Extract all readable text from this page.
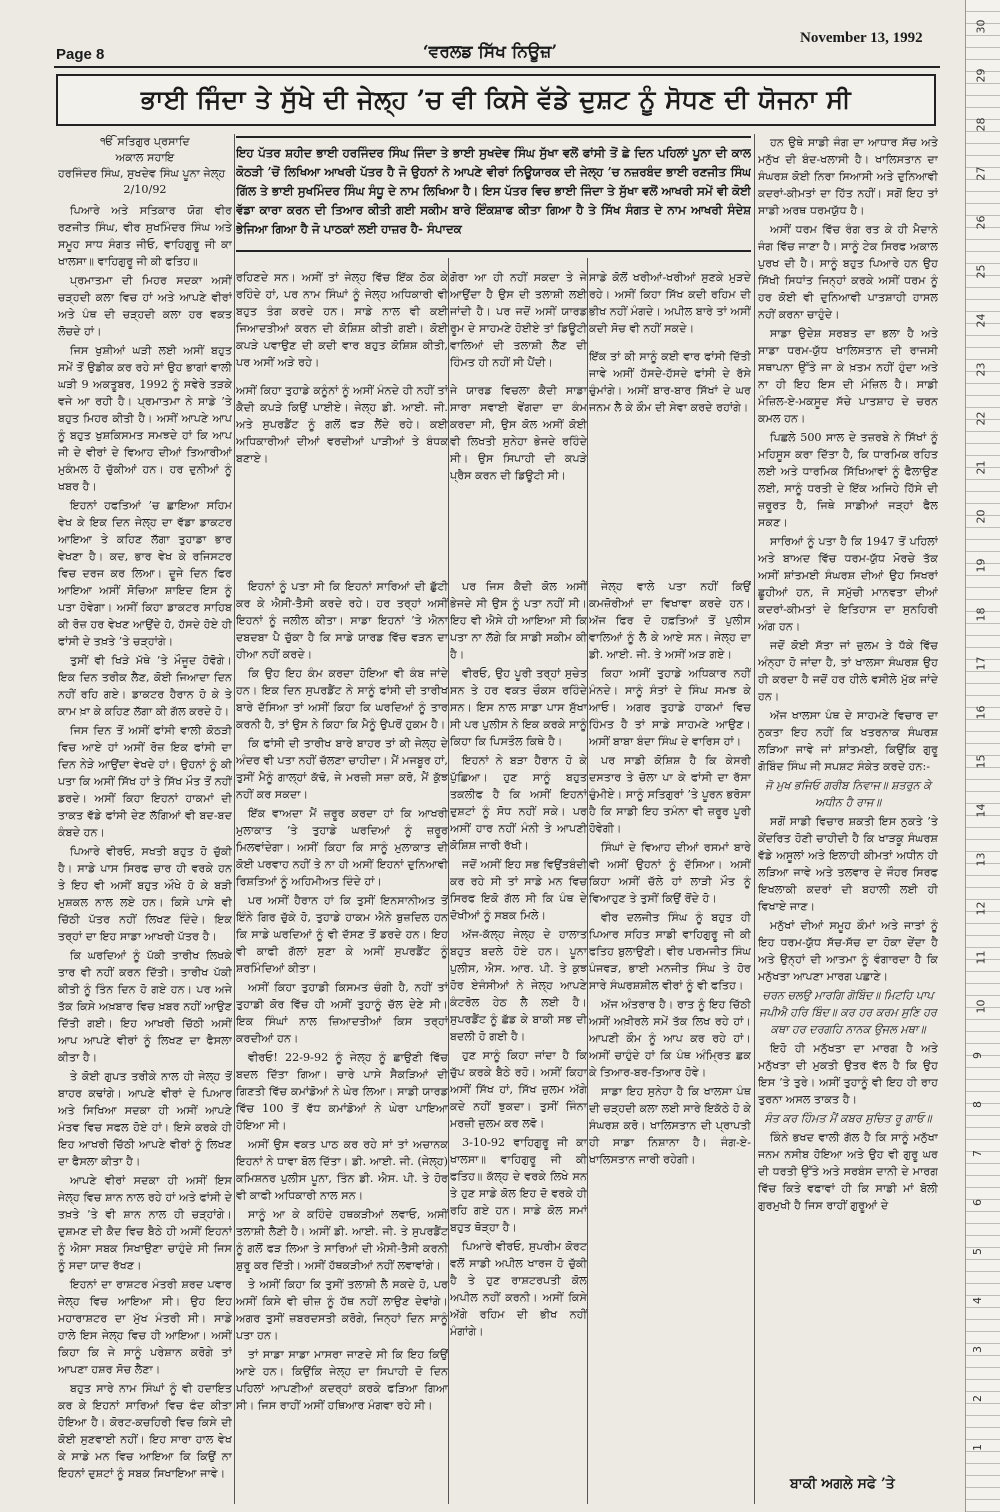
Page 8	‘ਵਰਲਡ ਸਿੱਖ ਨਿਊਜ਼’
November 13, 1992
ਭਾਈ ਜਿੰਦਾ ਤੇ ਸੁੱਖੇ ਦੀ ਜੇਲ੍ਹ ’ਚ ਵੀ ਕਿਸੇ ਵੱਡੇ ਦੁਸ਼ਟ ਨੂੰ ਸੋਧਣ ਦੀ ਯੋਜਨਾ ਸੀ
ੴ ਸਤਿਗੁਰ ਪ੍ਰਸਾਦਿ
ਅਕਾਲ ਸਹਾਇ
ਹਰਜਿੰਦਰ ਸਿੰਘ, ਸੁਖਦੇਵ ਸਿੰਘ ਪੂਨਾ ਜੇਲ੍ਹ
2/10/92

ਪਿਆਰੇ ਅਤੇ ਸਤਿਕਾਰ ਯੋਗ ਵੀਰ ਰਣਜੀਤ ਸਿੰਘ, ਵੀਰ ਸੁਖਮਿੰਦਰ ਸਿੰਘ ਅਤੇ ਸਮੂਹ ਸਾਧ ਸੰਗਤ ਜੀਓ, ਵਾਹਿਗੁਰੂ ਜੀ ਕਾ ਖਾਲਸਾ॥ ਵਾਹਿਗੁਰੂ ਜੀ ਕੀ ਫਤਿਹ॥

ਪ੍ਰਮਾਤਮਾ ਦੀ ਮਿਹਰ ਸਦਕਾ ਅਸੀਂ ਚੜ੍ਹਦੀ ਕਲਾ ਵਿਚ ਹਾਂ ਅਤੇ ਆਪਣੇ ਵੀਰਾਂ ਅਤੇ ਪੰਥ ਦੀ ਚੜ੍ਹਦੀ ਕਲਾ ਹਰ ਵਕਤ ਲੋਚਦੇ ਹਾਂ।

ਜਿਸ ਖੁਸ਼ੀਆਂ ਘੜੀ ਲਈ ਅਸੀਂ ਬਹੁਤ ਸਮੇਂ ਤੋਂ ਉਡੀਕ ਕਰ ਰਹੇ ਸਾਂ ਉਹ ਭਾਗਾਂ ਵਾਲੀ ਘੜੀ 9 ਅਕਤੂਬਰ, 1992 ਨੂੰ ਸਵੇਰੇ ਤੜਕੇ ਵਜੇ ਆ ਰਹੀ ਹੈ। ਪ੍ਰਮਾਤਮਾ ਨੇ ਸਾਡੇ ’ਤੇ ਬਹੁਤ ਮਿਹਰ ਕੀਤੀ ਹੈ। ਅਸੀਂ ਆਪਣੇ ਆਪ ਨੂੰ ਬਹੁਤ ਖੁਸ਼ਕਿਸਮਤ ਸਮਝਦੇ ਹਾਂ ਕਿ ਆਪ ਜੀ ਦੇ ਵੀਰਾਂ ਦੇ ਵਿਆਹ ਦੀਆਂ ਤਿਆਰੀਆਂ ਮੁਕੰਮਲ ਹੋ ਚੁੱਕੀਆਂ ਹਨ। ਹਰ ਦੁਨੀਆਂ ਨੂੰ ਖਬਰ ਹੈ।

ਇਹਨਾਂ ਹਫਤਿਆਂ ’ਚ ਛਾਇਆ ਸਹਿਮ ਵੇਖ ਕੇ ਇਕ ਦਿਨ ਜੇਲ੍ਹ ਦਾ ਵੱਡਾ ਡਾਕਟਰ ਆਇਆ ਤੇ ਕਹਿਣ ਲੱਗਾ ਤੁਹਾਡਾ ਭਾਰ ਵੇਖਣਾ ਹੈ। ਕਦ, ਭਾਰ ਵੇਖ ਕੇ ਰਜਿਸਟਰ ਵਿਚ ਦਰਜ ਕਰ ਲਿਆ। ਦੂਜੇ ਦਿਨ ਫਿਰ ਆਇਆ ਅਸੀਂ ਸੋਚਿਆ ਸ਼ਾਇਦ ਇਸ ਨੂੰ ਪਤਾ ਹੋਵੇਗਾ। ਅਸੀਂ ਕਿਹਾ ਡਾਕਟਰ ਸਾਹਿਬ ਕੀ ਰੋਜ਼ ਹਰ ਵੇਖਣ ਆਉਂਦੇ ਹੋ, ਹੱਸਦੇ ਹੋਏ ਹੀ ਫਾਂਸੀ ਦੇ ਤਖ਼ਤੇ ’ਤੇ ਚੜ੍ਹਾਂਗੇ।

ਤੁਸੀਂ ਵੀ ਖਿੜੇ ਮੱਥੇ ’ਤੇ ਮੌਜੂਦ ਹੋਵੋਗੇ। ਇਕ ਦਿਨ ਤਰੀਕ ਲੈਣ, ਕੋਈ ਜਿਆਦਾ ਦਿਨ ਨਹੀਂ ਰਹਿ ਗਏ। ਡਾਕਟਰ ਹੈਰਾਨ ਹੋ ਕੇ ਤੇ ਕਾਮ ਖ਼ਾ ਕੇ ਕਹਿਣ ਲੱਗਾ ਕੀ ਗੱਲ ਕਰਦੇ ਹੋ।

ਜਿਸ ਦਿਨ ਤੋਂ ਅਸੀਂ ਫਾਂਸੀ ਵਾਲੀ ਕੋਠੜੀ ਵਿਚ ਆਏ ਹਾਂ ਅਸੀਂ ਰੋਜ਼ ਇਕ ਫਾਂਸੀ ਦਾ ਦਿਨ ਨੇੜੇ ਆਉਂਦਾ ਵੇਖਦੇ ਹਾਂ। ਉਹਨਾਂ ਨੂੰ ਕੀ ਪਤਾ ਕਿ ਅਸੀਂ ਸਿੱਖ ਹਾਂ ਤੇ ਸਿੱਖ ਮੌਤ ਤੋਂ ਨਹੀਂ ਡਰਦੇ। ਅਸੀਂ ਕਿਹਾ ਇਹਨਾਂ ਹਾਕਮਾਂ ਦੀ ਤਾਕਤ ਵੱਡੇ ਫਾਂਸੀ ਦੇਣ ਲੱਗਿਆਂ ਵੀ ਬਦ-ਬਦ ਕੰਬਦੇ ਹਨ।

ਪਿਆਰੇ ਵੀਰਓ, ਸਖਤੀ ਬਹੁਤ ਹੋ ਚੁੱਕੀ ਹੈ। ਸਾਡੇ ਪਾਸ ਸਿਰਫ ਚਾਰ ਹੀ ਵਰਕੇ ਹਨ ਤੇ ਇਹ ਵੀ ਅਸੀਂ ਬਹੁਤ ਔਖੇ ਹੋ ਕੇ ਬੜੀ ਮੁਸ਼ਕਲ ਨਾਲ ਲਏ ਹਨ। ਕਿਸੇ ਪਾਸੇ ਵੀ ਚਿੱਠੀ ਪੱਤਰ ਨਹੀਂ ਲਿਖਣ ਦਿੰਦੇ। ਇਕ ਤਰ੍ਹਾਂ ਦਾ ਇਹ ਸਾਡਾ ਆਖਰੀ ਪੱਤਰ ਹੈ।

ਕਿ ਘਰਦਿਆਂ ਨੂੰ ਪੱਕੀ ਤਾਰੀਖ ਲਿਖਕੇ ਤਾਰ ਵੀ ਨਹੀਂ ਕਰਨ ਦਿੱਤੀ। ਤਾਰੀਖ ਪੱਕੀ ਕੀਤੀ ਨੂੰ ਤਿੰਨ ਦਿਨ ਹੋ ਗਏ ਹਨ। ਪਰ ਅਜੇ ਤੱਕ ਕਿਸੇ ਅਖ਼ਬਾਰ ਵਿਚ ਖ਼ਬਰ ਨਹੀਂ ਆਉਣ ਦਿੱਤੀ ਗਈ। ਇਹ ਆਖਰੀ ਚਿੱਠੀ ਅਸੀਂ ਆਪ ਆਪਣੇ ਵੀਰਾਂ ਨੂੰ ਲਿਖਣ ਦਾ ਫੈਸਲਾ ਕੀਤਾ ਹੈ।

ਤੇ ਕੋਈ ਗੁਪਤ ਤਰੀਕੇ ਨਾਲ ਹੀ ਜੇਲ੍ਹ ਤੋਂ ਬਾਹਰ ਕਢਾਂਗੇ। ਆਪਣੇ ਵੀਰਾਂ ਦੇ ਪਿਆਰ ਅਤੇ ਸਿਖਿਆ ਸਦਕਾ ਹੀ ਅਸੀਂ ਆਪਣੇ ਮੰਤਵ ਵਿਚ ਸਫਲ ਹੋਏ ਹਾਂ। ਇਸੇ ਕਰਕੇ ਹੀ ਇਹ ਆਖਰੀ ਚਿੱਠੀ ਆਪਣੇ ਵੀਰਾਂ ਨੂੰ ਲਿਖਣ ਦਾ ਫੈਸਲਾ ਕੀਤਾ ਹੈ।

ਆਪਣੇ ਵੀਰਾਂ ਸਦਕਾ ਹੀ ਅਸੀਂ ਇਸ ਜੇਲ੍ਹ ਵਿਚ ਸ਼ਾਨ ਨਾਲ ਰਹੇ ਹਾਂ ਅਤੇ ਫਾਂਸੀ ਦੇ ਤਖ਼ਤੇ ’ਤੇ ਵੀ ਸ਼ਾਨ ਨਾਲ ਹੀ ਚੜ੍ਹਾਂਗੇ। ਦੁਸ਼ਮਣ ਦੀ ਕੈਦ ਵਿਚ ਬੈਠੇ ਹੀ ਅਸੀਂ ਇਹਨਾਂ ਨੂੰ ਐਸਾ ਸਬਕ ਸਿਖਾਉਣਾ ਚਾਹੁੰਦੇ ਸੀ ਜਿਸ ਨੂੰ ਸਦਾ ਯਾਦ ਰੱਖਣ।

ਇਹਨਾਂ ਦਾ ਰਾਸ਼ਟਰ ਮੰਤਰੀ ਸ਼ਰਦ ਪਵਾਰ ਜੇਲ੍ਹ ਵਿਚ ਆਇਆ ਸੀ। ਉਹ ਇਹ ਮਹਾਰਾਸ਼ਟਰ ਦਾ ਮੁੱਖ ਮੰਤਰੀ ਸੀ। ਸਾਡੇ ਹਾਲੇ ਇਸ ਜੇਲ੍ਹ ਵਿਚ ਹੀ ਆਇਆ। ਅਸੀਂ ਕਿਹਾ ਕਿ ਜੇ ਸਾਨੂੰ ਪਰੇਸ਼ਾਨ ਕਰੋਗੇ ਤਾਂ ਆਪਣਾ ਹਸ਼ਰ ਸੋਚ ਲੈਣਾ।

ਬਹੁਤ ਸਾਰੇ ਨਾਮ ਸਿੰਘਾਂ ਨੂੰ ਵੀ ਹਦਾਇਤ ਕਰ ਕੇ ਇਹਨਾਂ ਸਾਰਿਆਂ ਵਿਚ ਫੰਦ ਕੀਤਾ ਹੋਇਆ ਹੈ। ਕੋਰਟ-ਕਚਹਿਰੀ ਵਿਚ ਕਿਸੇ ਦੀ ਕੋਈ ਸੁਣਵਾਈ ਨਹੀਂ। ਇਹ ਸਾਰਾ ਹਾਲ ਵੇਖ ਕੇ ਸਾਡੇ ਮਨ ਵਿਚ ਆਇਆ ਕਿ ਕਿਉਂ ਨਾ ਇਹਨਾਂ ਦੁਸ਼ਟਾਂ ਨੂੰ ਸਬਕ ਸਿਖਾਇਆ ਜਾਵੇ।

ਇਹ ਪੱਤਰ ਸ਼ਹੀਦ ਭਾਈ ਹਰਜਿੰਦਰ ਸਿੰਘ ਜਿੰਦਾ ਤੇ ਭਾਈ ਸੁਖਦੇਵ ਸਿੰਘ ਸੁੱਖਾ ਵਲੋਂ ਫਾਂਸੀ ਤੋਂ ਛੇ ਦਿਨ ਪਹਿਲਾਂ ਪੂਨਾ ਦੀ ਕਾਲ ਕੋਠੜੀ ’ਚੋਂ ਲਿਖਿਆ ਆਖਰੀ ਪੱਤਰ ਹੈ ਜੋ ਉਹਨਾਂ ਨੇ ਆਪਣੇ ਵੀਰਾਂ ਨਿਊਯਾਰਕ ਦੀ ਜੇਲ੍ਹ ’ਚ ਨਜ਼ਰਬੰਦ ਭਾਈ ਰਣਜੀਤ ਸਿੰਘ ਗਿੱਲ ਤੇ ਭਾਈ ਸੁਖਮਿੰਦਰ ਸਿੰਘ ਸੰਧੂ ਦੇ ਨਾਮ ਲਿਖਿਆ ਹੈ। ਇਸ ਪੱਤਰ ਵਿਚ ਭਾਈ ਜਿੰਦਾ ਤੇ ਸੁੱਖਾ ਵਲੋਂ ਆਖਰੀ ਸਮੇਂ ਵੀ ਕੋਈ ਵੱਡਾ ਕਾਰਾ ਕਰਨ ਦੀ ਤਿਆਰ ਕੀਤੀ ਗਈ ਸਕੀਮ ਬਾਰੇ ਇੰਕਸ਼ਾਫ ਕੀਤਾ ਗਿਆ ਹੈ ਤੇ ਸਿੱਖ ਸੰਗਤ ਦੇ ਨਾਮ ਆਖਰੀ ਸੰਦੇਸ਼ ਭੇਜਿਆ ਗਿਆ ਹੈ ਜੋ ਪਾਠਕਾਂ ਲਈ ਹਾਜ਼ਰ ਹੈ- ਸੰਪਾਦਕ

ਰਹਿਣਦੇ ਸਨ। ਅਸੀਂ ਤਾਂ ਜੇਲ੍ਹ ਵਿੱਚ ਇੱਕ ਠੋਕ ਕੇ ਰਹਿੰਦੇ ਹਾਂ, ਪਰ ਨਾਮ ਸਿੰਘਾਂ ਨੂੰ ਜੇਲ੍ਹ ਅਧਿਕਾਰੀ ਵੀ ਬਹੁਤ ਤੰਗ ਕਰਦੇ ਹਨ। ਸਾਡੇ ਨਾਲ ਵੀ ਕਈ ਜਿਆਦਤੀਆਂ ਕਰਨ ਦੀ ਕੋਸ਼ਿਸ਼ ਕੀਤੀ ਗਈ। ਕੋਈ ਕਪੜੇ ਪਵਾਉਣ ਦੀ ਕਦੀ ਵਾਰ ਬਹੁਤ ਕੋਸ਼ਿਸ਼ ਕੀਤੀ, ਪਰ ਅਸੀਂ ਅੜੇ ਰਹੇ।

ਅਸੀਂ ਕਿਹਾ ਤੁਹਾਡੇ ਕਨੂੰਨਾਂ ਨੂੰ ਅਸੀਂ ਮੰਨਦੇ ਹੀ ਨਹੀਂ ਤਾਂ ਕੈਦੀ ਕਪੜੇ ਕਿਉਂ ਪਾਈਏ। ਜੇਲ੍ਹ ਡੀ. ਆਈ. ਜੀ. ਅਤੇ ਸੁਪਰਡੈਂਟ ਨੂੰ ਗਲੋਂ ਫੜ ਲੈਂਦੇ ਰਹੇ। ਕਈ ਅਧਿਕਾਰੀਆਂ ਦੀਆਂ ਵਰਦੀਆਂ ਪਾੜੀਆਂ ਤੇ ਬੰਧਕ ਬਣਾਏ।

ਗੋਰਾ ਆ ਹੀ ਨਹੀਂ ਸਕਦਾ ਤੇ ਜੇ ਆਉਂਦਾ ਹੈ ਉਸ ਦੀ ਤਲਾਸ਼ੀ ਲਈ ਜਾਂਦੀ ਹੈ। ਪਰ ਜਦੋਂ ਅਸੀਂ ਯਾਰਡ ਰੂਮ ਦੇ ਸਾਹਮਣੇ ਹੋਈਏ ਤਾਂ ਡਿਊਟੀ ਵਾਲਿਆਂ ਦੀ ਤਲਾਸ਼ੀ ਲੈਣ ਦੀ ਹਿੰਮਤ ਹੀ ਨਹੀਂ ਸੀ ਪੈਂਦੀ।

ਜੇ ਯਾਰਡ ਵਿਚਲਾ ਕੈਦੀ ਸਾਡਾ ਸਾਰਾ ਸਵਾਈ ਵੇਂਗਦਾ ਦਾ ਕੰਮ ਕਰਦਾ ਸੀ, ਉਸ ਕੋਲ ਅਸੀਂ ਕੋਈ ਵੀ ਲਿਖਤੀ ਸੁਨੇਹਾ ਭੇਜਦੇ ਰਹਿੰਦੇ ਸੀ। ਉਸ ਸਿਪਾਹੀ ਦੀ ਕਪੜੇ ਪ੍ਰੈਸ ਕਰਨ ਦੀ ਡਿਊਟੀ ਸੀ।

ਸਾਡੇ ਕੋਲੋਂ ਖਰੀਆਂ-ਖਰੀਆਂ ਸੁਣਕੇ ਮੁੜਦੇ ਰਹੇ। ਅਸੀਂ ਕਿਹਾ ਸਿੱਖ ਕਦੀ ਰਹਿਮ ਦੀ ਭੀਖ ਨਹੀਂ ਮੰਗਦੇ। ਅਪੀਲ ਬਾਰੇ ਤਾਂ ਅਸੀਂ ਕਦੀ ਸੋਚ ਵੀ ਨਹੀਂ ਸਕਦੇ।

ਇੱਕ ਤਾਂ ਕੀ ਸਾਨੂੰ ਕਈ ਵਾਰ ਫਾਂਸੀ ਦਿੱਤੀ ਜਾਵੇ ਅਸੀਂ ਹੱਸਦੇ-ਹੱਸਦੇ ਫਾਂਸੀ ਦੇ ਰੱਸੇ ਚੁੰਮਾਂਗੇ। ਅਸੀਂ ਬਾਰ-ਬਾਰ ਸਿੱਖਾਂ ਦੇ ਘਰ ਜਨਮ ਲੈ ਕੇ ਕੌਮ ਦੀ ਸੇਵਾ ਕਰਦੇ ਰਹਾਂਗੇ।

ਇਹਨਾਂ ਨੂੰ ਪਤਾ ਸੀ ਕਿ ਇਹਨਾਂ ਸਾਰਿਆਂ ਦੀ ਛੁੱਟੀ ਕਰ ਕੇ ਐਸੀ-ਤੈਸੀ ਕਰਦੇ ਰਹੇ। ਹਰ ਤਰ੍ਹਾਂ ਅਸੀਂ ਇਹਨਾਂ ਨੂੰ ਜਲੀਲ ਕੀਤਾ। ਸਾਡਾ ਇਹਨਾਂ ’ਤੇ ਐਨਾ ਦਬਦਬਾ ਪੈ ਚੁੱਕਾ ਹੈ ਕਿ ਸਾਡੇ ਯਾਰਡ ਵਿੱਚ ਵੜਨ ਦਾ ਹੀਆ ਨਹੀਂ ਕਰਦੇ।

ਕਿ ਉਹ ਇਹ ਕੰਮ ਕਰਦਾ ਹੋਇਆ ਵੀ ਕੰਬ ਜਾਂਦੇ ਹਨ। ਇਕ ਦਿਨ ਸੁਪਰਡੈਂਟ ਨੇ ਸਾਨੂੰ ਫਾਂਸੀ ਦੀ ਤਾਰੀਖ ਬਾਰੇ ਦੱਸਿਆ ਤਾਂ ਅਸੀਂ ਕਿਹਾ ਕਿ ਘਰਦਿਆਂ ਨੂੰ ਤਾਰ ਕਰਨੀ ਹੈ, ਤਾਂ ਉਸ ਨੇ ਕਿਹਾ ਕਿ ਮੈਨੂੰ ਉਪਰੋਂ ਹੁਕਮ ਹੈ।

ਕਿ ਫਾਂਸੀ ਦੀ ਤਾਰੀਖ ਬਾਰੇ ਬਾਹਰ ਤਾਂ ਕੀ ਜੇਲ੍ਹ ਦੇ ਅੰਦਰ ਵੀ ਪਤਾ ਨਹੀਂ ਚੱਲਣਾ ਚਾਹੀਦਾ। ਮੈਂ ਮਜਬੂਰ ਹਾਂ, ਤੁਸੀਂ ਮੈਨੂੰ ਗਾਲ੍ਹਾਂ ਕੱਢੋ, ਜੇ ਮਰਜ਼ੀ ਸਜ਼ਾ ਕਰੋ, ਮੈਂ ਕੁੱਝ ਨਹੀਂ ਕਰ ਸਕਦਾ।

ਇੱਕ ਵਾਅਦਾ ਮੈਂ ਜ਼ਰੂਰ ਕਰਦਾ ਹਾਂ ਕਿ ਆਖਰੀ ਮੁਲਾਕਾਤ ’ਤੇ ਤੁਹਾਡੇ ਘਰਦਿਆਂ ਨੂੰ ਜ਼ਰੂਰ ਮਿਲਵਾਂਦੇਗਾ। ਅਸੀਂ ਕਿਹਾ ਕਿ ਸਾਨੂੰ ਮੁਲਾਕਾਤ ਦੀ ਕੋਈ ਪਰਵਾਹ ਨਹੀਂ ਤੇ ਨਾ ਹੀ ਅਸੀਂ ਇਹਨਾਂ ਦੁਨਿਆਵੀ ਰਿਸ਼ਤਿਆਂ ਨੂੰ ਅਹਿਮੀਅਤ ਦਿੰਦੇ ਹਾਂ।

ਪਰ ਅਸੀਂ ਹੈਰਾਨ ਹਾਂ ਕਿ ਤੁਸੀਂ ਇਨਸਾਨੀਅਤ ਤੋਂ ਇੰਨੇ ਗਿਰ ਚੁੱਕੇ ਹੋ, ਤੁਹਾਡੇ ਹਾਕਮ ਐਨੇ ਬੁਜ਼ਦਿਲ ਹਨ ਕਿ ਸਾਡੇ ਘਰਦਿਆਂ ਨੂੰ ਵੀ ਦੱਸਣ ਤੋਂ ਡਰਦੇ ਹਨ। ਇਹ ਵੀ ਕਾਫੀ ਗੱਲਾਂ ਸੁਣਾ ਕੇ ਅਸੀਂ ਸੁਪਰਡੈਂਟ ਨੂੰ ਸ਼ਰਮਿੰਦਿਆਂ ਕੀਤਾ।

ਅਸੀਂ ਕਿਹਾ ਤੁਹਾਡੀ ਕਿਸਮਤ ਚੰਗੀ ਹੈ, ਨਹੀਂ ਤਾਂ ਤੁਹਾਡੀ ਕੋਰ ਵਿੱਚ ਹੀ ਅਸੀਂ ਤੁਹਾਨੂੰ ਚੱਲ ਦੇਣੇ ਸੀ। ਇਕ ਸਿੰਘਾਂ ਨਾਲ ਜ਼ਿਆਦਤੀਆਂ ਕਿਸ ਤਰ੍ਹਾਂ ਕਰਦੀਆਂ ਹਨ।

ਵੀਰਓ! 22-9-92 ਨੂੰ ਜੇਲ੍ਹ ਨੂੰ ਛਾਉਣੀ ਵਿੱਚ ਬਦਲ ਦਿੱਤਾ ਗਿਆ। ਚਾਰੇ ਪਾਸੇ ਸੈਕੜਿਆਂ ਦੀ ਗਿਣਤੀ ਵਿੱਚ ਕਮਾਂਡੋਆਂ ਨੇ ਘੇਰ ਲਿਆ। ਸਾਡੀ ਯਾਰਡ ਵਿੱਚ 100 ਤੋਂ ਵੱਧ ਕਮਾਂਡੋਆਂ ਨੇ ਘੇਰਾ ਪਾਇਆ ਹੋਇਆ ਸੀ।

ਅਸੀਂ ਉਸ ਵਕਤ ਪਾਠ ਕਰ ਰਹੇ ਸਾਂ ਤਾਂ ਅਚਾਨਕ ਇਹਨਾਂ ਨੇ ਧਾਵਾ ਬੋਲ ਦਿੱਤਾ। ਡੀ. ਆਈ. ਜੀ. (ਜੇਲ੍ਹ) ਕਮਿਸ਼ਨਰ ਪੁਲੀਸ ਪੂਨਾ, ਤਿੰਨ ਡੀ. ਐਸ. ਪੀ. ਤੇ ਹੋਰ ਵੀ ਕਾਫੀ ਅਧਿਕਾਰੀ ਨਾਲ ਸਨ।

ਸਾਨੂੰ ਆ ਕੇ ਕਹਿੰਦੇ ਹਥਕੜੀਆਂ ਲਵਾਓ, ਅਸੀਂ ਤਲਾਸ਼ੀ ਲੈਣੀ ਹੈ। ਅਸੀਂ ਡੀ. ਆਈ. ਜੀ. ਤੇ ਸੁਪਰਡੈਂਟ ਨੂੰ ਗਲੋਂ ਫੜ ਲਿਆ ਤੇ ਸਾਰਿਆਂ ਦੀ ਐਸੀ-ਤੈਸੀ ਕਰਨੀ ਸ਼ੁਰੂ ਕਰ ਦਿੱਤੀ। ਅਸੀਂ ਹੱਥਕੜੀਆਂ ਨਹੀਂ ਲਵਾਵਾਂਗੇ।

ਤੇ ਅਸੀਂ ਕਿਹਾ ਕਿ ਤੁਸੀਂ ਤਲਾਸ਼ੀ ਲੈ ਸਕਦੇ ਹੋ, ਪਰ ਅਸੀਂ ਕਿਸੇ ਵੀ ਚੀਜ਼ ਨੂੰ ਹੱਥ ਨਹੀਂ ਲਾਉਣ ਦੇਵਾਂਗੇ। ਅਗਰ ਤੁਸੀਂ ਜ਼ਬਰਦਸਤੀ ਕਰੋਗੇ, ਜਿਨ੍ਹਾਂ ਦਿਨ ਸਾਨੂੰ ਪਤਾ ਹਨ।

ਤਾਂ ਸਾਡਾ ਸਾਡਾ ਮਾਸਰਾ ਜਾਣਦੇ ਸੀ ਕਿ ਇਹ ਕਿਉਂ ਆਏ ਹਨ। ਕਿਉਂਕਿ ਜੇਲ੍ਹ ਦਾ ਸਿਪਾਹੀ ਦੋ ਦਿਨ ਪਹਿਲਾਂ ਆਪਣੀਆਂ ਕਦਰ੍ਹਾਂ ਕਰਕੇ ਫੜਿਆ ਗਿਆ ਸੀ। ਜਿਸ ਰਾਹੀਂ ਅਸੀਂ ਹਥਿਆਰ ਮੰਗਵਾ ਰਹੇ ਸੀ।

ਪਰ ਜਿਸ ਕੈਦੀ ਕੋਲ ਅਸੀਂ ਭੇਜਦੇ ਸੀ ਉਸ ਨੂੰ ਪਤਾ ਨਹੀਂ ਸੀ। ਇਹ ਵੀ ਐਸੇ ਹੀ ਆਇਆ ਸੀ ਕਿ ਪਤਾ ਨਾ ਲੱਗੇ ਕਿ ਸਾਡੀ ਸਕੀਮ ਕੀ ਹੈ।

ਵੀਰਓ, ਉਹ ਪੂਰੀ ਤਰ੍ਹਾਂ ਸੁਚੇਤ ਸਨ ਤੇ ਹਰ ਵਕਤ ਚੌਕਸ ਰਹਿੰਦੇ ਸਨ। ਇਸ ਨਾਲ ਸਾਡਾ ਪਾਸ ਸੁੱਖਾ ਸੀ ਪਰ ਪੁਲੀਸ ਨੇ ਇਕ ਕਰਕੇ ਸਾਨੂੰ ਕਿਹਾ ਕਿ ਪਿਸਤੌਲ ਕਿਥੇ ਹੈ।

ਇਹਨਾਂ ਨੇ ਬੜਾ ਹੈਰਾਨ ਹੋ ਕੇ ਪੁੱਛਿਆ। ਹੁਣ ਸਾਨੂੰ ਬਹੁਤ ਤਕਲੀਫ ਹੈ ਕਿ ਅਸੀਂ ਇਹਨਾਂ ਦੁਸ਼ਟਾਂ ਨੂੰ ਸੋਧ ਨਹੀਂ ਸਕੇ। ਪਰ ਅਸੀਂ ਹਾਰ ਨਹੀਂ ਮੰਨੀ ਤੇ ਆਪਣੀ ਕੋਸ਼ਿਸ਼ ਜਾਰੀ ਰੱਖੀ।

ਜਦੋਂ ਅਸੀਂ ਇਹ ਸਭ ਵਿਉਂਤਬੰਦੀ ਕਰ ਰਹੇ ਸੀ ਤਾਂ ਸਾਡੇ ਮਨ ਵਿਚ ਸਿਰਫ ਇਕੋ ਗੱਲ ਸੀ ਕਿ ਪੰਥ ਦੇ ਦੋਖੀਆਂ ਨੂੰ ਸਬਕ ਮਿਲੇ।

ਅੱਜ-ਕੱਲ੍ਹ ਜੇਲ੍ਹ ਦੇ ਹਾਲਾਤ ਬਹੁਤ ਬਦਲੇ ਹੋਏ ਹਨ। ਪੂਨਾ ਪੁਲੀਸ, ਐਸ. ਆਰ. ਪੀ. ਤੇ ਕੁਝ ਹੋਰ ਏਜੰਸੀਆਂ ਨੇ ਜੇਲ੍ਹ ਆਪਣੇ ਕੰਟਰੋਲ ਹੇਠ ਲੈ ਲਈ ਹੈ। ਸੁਪਰਡੈਂਟ ਨੂੰ ਛੱਡ ਕੇ ਬਾਕੀ ਸਭ ਦੀ ਬਦਲੀ ਹੋ ਗਈ ਹੈ।

ਹੁਣ ਸਾਨੂੰ ਕਿਹਾ ਜਾਂਦਾ ਹੈ ਕਿ ਚੁੱਪ ਕਰਕੇ ਬੈਠੇ ਰਹੋ। ਅਸੀਂ ਕਿਹਾ ਅਸੀਂ ਸਿੱਖ ਹਾਂ, ਸਿੱਖ ਜ਼ੁਲਮ ਅੱਗੇ ਕਦੇ ਨਹੀਂ ਝੁਕਦਾ। ਤੁਸੀਂ ਜਿੰਨਾ ਮਰਜ਼ੀ ਜ਼ੁਲਮ ਕਰ ਲਵੋ।

3-10-92 ਵਾਹਿਗੁਰੂ ਜੀ ਕਾ ਖਾਲਸਾ॥ ਵਾਹਿਗੁਰੂ ਜੀ ਕੀ ਫਤਿਹ॥ ਕੱਲ੍ਹ ਦੇ ਵਰਕੇ ਲਿਖੇ ਸਨ ਤੇ ਹੁਣ ਸਾਡੇ ਕੋਲ ਇਹ ਦੋ ਵਰਕੇ ਹੀ ਰਹਿ ਗਏ ਹਨ। ਸਾਡੇ ਕੋਲ ਸਮਾਂ ਬਹੁਤ ਥੋੜ੍ਹਾ ਹੈ।

ਪਿਆਰੇ ਵੀਰਓ, ਸੁਪਰੀਮ ਕੋਰਟ ਵਲੋਂ ਸਾਡੀ ਅਪੀਲ ਖਾਰਜ ਹੋ ਚੁੱਕੀ ਹੈ ਤੇ ਹੁਣ ਰਾਸ਼ਟਰਪਤੀ ਕੋਲ ਅਪੀਲ ਨਹੀਂ ਕਰਨੀ। ਅਸੀਂ ਕਿਸੇ ਅੱਗੇ ਰਹਿਮ ਦੀ ਭੀਖ ਨਹੀਂ ਮੰਗਾਂਗੇ।

ਜੇਲ੍ਹ ਵਾਲੇ ਪਤਾ ਨਹੀਂ ਕਿਉਂ ਕਮਜ਼ੋਰੀਆਂ ਦਾ ਵਿਖਾਵਾ ਕਰਦੇ ਹਨ। ਅੱਜ ਫਿਰ ਦੋ ਹਫ਼ਤਿਆਂ ਤੋਂ ਪੁਲੀਸ ਵਾਲਿਆਂ ਨੂੰ ਲੈ ਕੇ ਆਏ ਸਨ। ਜੇਲ੍ਹ ਦਾ ਡੀ. ਆਈ. ਜੀ. ਤੇ ਅਸੀਂ ਅੜ ਗਏ।

ਕਿਹਾ ਅਸੀਂ ਤੁਹਾਡੇ ਅਧਿਕਾਰ ਨਹੀਂ ਮੰਨਦੇ। ਸਾਨੂੰ ਸੰਤਾਂ ਦੇ ਸਿੰਘ ਸਮਝ ਕੇ ਆਓ। ਅਗਰ ਤੁਹਾਡੇ ਹਾਕਮਾਂ ਵਿਚ ਹਿੰਮਤ ਹੈ ਤਾਂ ਸਾਡੇ ਸਾਹਮਣੇ ਆਉਣ। ਅਸੀਂ ਬਾਬਾ ਬੰਦਾ ਸਿੰਘ ਦੇ ਵਾਰਿਸ ਹਾਂ।

ਪਰ ਸਾਡੀ ਕੋਸ਼ਿਸ਼ ਹੈ ਕਿ ਕੇਸਰੀ ਦਸਤਾਰ ਤੇ ਚੋਲਾ ਪਾ ਕੇ ਫਾਂਸੀ ਦਾ ਰੱਸਾ ਚੁੰਮੀਏ। ਸਾਨੂੰ ਸਤਿਗੁਰਾਂ ’ਤੇ ਪੂਰਨ ਭਰੋਸਾ ਹੈ ਕਿ ਸਾਡੀ ਇਹ ਤਮੰਨਾ ਵੀ ਜ਼ਰੂਰ ਪੂਰੀ ਹੋਵੇਗੀ।

ਸਿੰਘਾਂ ਦੇ ਵਿਆਹ ਦੀਆਂ ਰਸਮਾਂ ਬਾਰੇ ਵੀ ਅਸੀਂ ਉਹਨਾਂ ਨੂੰ ਦੱਸਿਆ। ਅਸੀਂ ਕਿਹਾ ਅਸੀਂ ਚੱਲੇ ਹਾਂ ਲਾੜੀ ਮੌਤ ਨੂੰ ਵਿਆਹੁਣ ਤੇ ਤੁਸੀਂ ਕਿਉਂ ਰੋਂਦੇ ਹੋ।

ਵੀਰ ਦਲਜੀਤ ਸਿੰਘ ਨੂੰ ਬਹੁਤ ਹੀ ਪਿਆਰ ਸਹਿਤ ਸਾਡੀ ਵਾਹਿਗੁਰੂ ਜੀ ਕੀ ਫਤਿਹ ਬੁਲਾਉਣੀ। ਵੀਰ ਪਰਮਜੀਤ ਸਿੰਘ ਪੰਜਵੜ, ਭਾਈ ਮਨਜੀਤ ਸਿੰਘ ਤੇ ਹੋਰ ਸਾਰੇ ਸੰਘਰਸ਼ਸ਼ੀਲ ਵੀਰਾਂ ਨੂੰ ਵੀ ਫਤਿਹ।

ਅੱਜ ਅੰਤਰਾਰ ਹੈ। ਰਾਤ ਨੂੰ ਇਹ ਚਿੱਠੀ ਅਸੀਂ ਅਖ਼ੀਰਲੇ ਸਮੇਂ ਤੱਕ ਲਿਖ ਰਹੇ ਹਾਂ। ਆਪਣੀ ਕੌਮ ਨੂੰ ਆਪ ਕਰ ਰਹੇ ਹਾਂ। ਅਸੀਂ ਚਾਹੁੰਦੇ ਹਾਂ ਕਿ ਪੰਥ ਅੰਮ੍ਰਿਤ ਛਕ ਕੇ ਤਿਆਰ-ਬਰ-ਤਿਆਰ ਹੋਵੇ।

ਸਾਡਾ ਇਹ ਸੁਨੇਹਾ ਹੈ ਕਿ ਖਾਲਸਾ ਪੰਥ ਦੀ ਚੜ੍ਹਦੀ ਕਲਾ ਲਈ ਸਾਰੇ ਇਕੱਠੇ ਹੋ ਕੇ ਸੰਘਰਸ਼ ਕਰੋ। ਖਾਲਿਸਤਾਨ ਦੀ ਪ੍ਰਾਪਤੀ ਹੀ ਸਾਡਾ ਨਿਸ਼ਾਨਾ ਹੈ। ਜੰਗ-ਏ-ਖਾਲਿਸਤਾਨ ਜਾਰੀ ਰਹੇਗੀ।

ਹਨ ਉਥੇ ਸਾਡੀ ਜੰਗ ਦਾ ਆਧਾਰ ਸੱਚ ਅਤੇ ਮਨੁੱਖ ਦੀ ਬੰਦ-ਖਲਾਸੀ ਹੈ। ਖਾਲਿਸਤਾਨ ਦਾ ਸੰਘਰਸ਼ ਕੋਈ ਨਿਰਾ ਸਿਆਸੀ ਅਤੇ ਦੁਨਿਆਵੀ ਕਦਰਾਂ-ਕੀਮਤਾਂ ਦਾ ਹਿੱਤ ਨਹੀਂ। ਸਗੋਂ ਇਹ ਤਾਂ ਸਾਡੀ ਅਰਥ ਧਰਮਯੁੱਧ ਹੈ।

ਅਸੀਂ ਧਰਮ ਵਿੱਚ ਰੰਗ ਰਤ ਕੇ ਹੀ ਮੈਦਾਨੇ ਜੰਗ ਵਿੱਚ ਜਾਣਾ ਹੈ। ਸਾਨੂੰ ਟੇਕ ਸਿਰਫ ਅਕਾਲ ਪੁਰਖ ਦੀ ਹੈ। ਸਾਨੂੰ ਬਹੁਤ ਪਿਆਰੇ ਹਨ ਉਹ ਸਿੱਖੀ ਸਿਧਾਂਤ ਜਿਨ੍ਹਾਂ ਕਰਕੇ ਅਸੀਂ ਧਰਮ ਨੂੰ ਹਰ ਕੋਈ ਵੀ ਦੁਨਿਆਵੀ ਪਾਤਸ਼ਾਹੀ ਹਾਸਲ ਨਹੀਂ ਕਰਨਾ ਚਾਹੁੰਦੇ।

ਸਾਡਾ ਉਦੇਸ਼ ਸਰਬਤ ਦਾ ਭਲਾ ਹੈ ਅਤੇ ਸਾਡਾ ਧਰਮ-ਯੁੱਧ ਖਾਲਿਸਤਾਨ ਦੀ ਰਾਜਸੀ ਸਥਾਪਨਾ ਉੱਤੇ ਜਾ ਕੇ ਖ਼ਤਮ ਨਹੀਂ ਹੁੰਦਾ ਅਤੇ ਨਾ ਹੀ ਇਹ ਇਸ ਦੀ ਮੰਜ਼ਿਲ ਹੈ। ਸਾਡੀ ਮੰਜ਼ਿਲ-ਏ-ਮਕਸੂਦ ਸੱਚੇ ਪਾਤਸ਼ਾਹ ਦੇ ਚਰਨ ਕਮਲ ਹਨ।

ਪਿਛਲੇ 500 ਸਾਲ ਦੇ ਤਜ਼ਰਬੇ ਨੇ ਸਿੱਖਾਂ ਨੂੰ ਮਹਿਸੂਸ ਕਰਾ ਦਿੱਤਾ ਹੈ, ਕਿ ਧਾਰਮਿਕ ਰਹਿਤ ਲਈ ਅਤੇ ਧਾਰਮਿਕ ਸਿੱਖਿਆਵਾਂ ਨੂੰ ਫੈਲਾਉਣ ਲਈ, ਸਾਨੂੰ ਧਰਤੀ ਦੇ ਇੱਕ ਅਜਿਹੇ ਹਿੱਸੇ ਦੀ ਜ਼ਰੂਰਤ ਹੈ, ਜਿਥੇ ਸਾਡੀਆਂ ਜੜ੍ਹਾਂ ਫੈਲ ਸਕਣ।

ਸਾਰਿਆਂ ਨੂੰ ਪਤਾ ਹੈ ਕਿ 1947 ਤੋਂ ਪਹਿਲਾਂ ਅਤੇ ਬਾਅਦ ਵਿੱਚ ਧਰਮ-ਯੁੱਧ ਮੋਰਚੇ ਤੱਕ ਅਸੀਂ ਸ਼ਾਂਤਮਈ ਸੰਘਰਸ਼ ਦੀਆਂ ਉਹ ਸਿਖਰਾਂ ਛੂਹੀਆਂ ਹਨ, ਜੋ ਸਮੁੱਚੀ ਮਾਨਵਤਾ ਦੀਆਂ ਕਦਰਾਂ-ਕੀਮਤਾਂ ਦੇ ਇਤਿਹਾਸ ਦਾ ਸੁਨਹਿਰੀ ਅੰਗ ਹਨ।

ਜਦੋਂ ਕੋਈ ਸੱਤਾ ਜਾਂ ਜ਼ੁਲਮ ਤੇ ਧੱਕੇ ਵਿੱਚ ਅੰਨ੍ਹਾ ਹੋ ਜਾਂਦਾ ਹੈ, ਤਾਂ ਖਾਲਸਾ ਸੰਘਰਸ਼ ਉਹ ਹੀ ਕਰਦਾ ਹੈ ਜਦੋਂ ਹਰ ਹੀਲੇ ਵਸੀਲੇ ਮੁੱਕ ਜਾਂਦੇ ਹਨ।

ਅੱਜ ਖਾਲਸਾ ਪੰਥ ਦੇ ਸਾਹਮਣੇ ਵਿਚਾਰ ਦਾ ਨੁਕਤਾ ਇਹ ਨਹੀਂ ਕਿ ਖਤਰਨਾਕ ਸੰਘਰਸ਼ ਲੜਿਆ ਜਾਵੇ ਜਾਂ ਸ਼ਾਂਤਮਈ, ਕਿਉਂਕਿ ਗੁਰੂ ਗੋਬਿੰਦ ਸਿੰਘ ਜੀ ਸਪਸ਼ਟ ਸੰਕੇਤ ਕਰਦੇ ਹਨ:-

ਜੋ ਮੁਖ ਭਜਿਓ ਗਰੀਬ ਨਿਵਾਜ॥ ਸ਼ਤਰੁਨ ਕੇ ਅਧੀਨ ਹੈ ਰਾਜ॥

ਸਗੋਂ ਸਾਡੀ ਵਿਚਾਰ ਸ਼ਕਤੀ ਇਸ ਨੁਕਤੇ ’ਤੇ ਕੇਂਦਰਿਤ ਹੋਣੀ ਚਾਹੀਦੀ ਹੈ ਕਿ ਖਾੜਕੂ ਸੰਘਰਸ਼ ਵੱਡੇ ਅਸੂਲਾਂ ਅਤੇ ਇਲਾਹੀ ਕੀਮਤਾਂ ਅਧੀਨ ਹੀ ਲੜਿਆ ਜਾਵੇ ਅਤੇ ਤਲਵਾਰ ਦੇ ਜੌਹਰ ਸਿਰਫ ਇਖਲਾਕੀ ਕਦਰਾਂ ਦੀ ਬਹਾਲੀ ਲਈ ਹੀ ਵਿਖਾਏ ਜਾਣ।

ਮਨੁੱਖਾਂ ਦੀਆਂ ਸਮੂਹ ਕੌਮਾਂ ਅਤੇ ਜਾਤਾਂ ਨੂੰ ਇਹ ਧਰਮ-ਯੁੱਧ ਸੱਚ-ਸੱਚ ਦਾ ਹੋਕਾ ਦੇਂਦਾ ਹੈ ਅਤੇ ਉਨ੍ਹਾਂ ਦੀ ਆਤਮਾ ਨੂੰ ਵੰਗਾਰਦਾ ਹੈ ਕਿ ਮਨੁੱਖਤਾ ਆਪਣਾ ਮਾਰਗ ਪਛਾਣੇ।

ਚਰਨ ਚਲਉ ਮਾਰਗਿ ਗੋਬਿੰਦ॥ ਮਿਟਹਿ ਪਾਪ ਜਪੀਐ ਹਰਿ ਬਿੰਦ॥ ਕਰ ਹਰ ਕਰਮ ਸੁਣਿ ਹਰ ਕਥਾ ਹਰ ਦਰਗਹਿ ਨਾਨਕ ਉਜਲ ਮਥਾ॥

ਇਹੋ ਹੀ ਮਨੁੱਖਤਾ ਦਾ ਮਾਰਗ ਹੈ ਅਤੇ ਮਨੁੱਖਤਾ ਦੀ ਮੁਕਤੀ ਉਤਰ ਵੱਲ ਹੈ ਕਿ ਉਹ ਇਸ ’ਤੇ ਤੁਰੇ। ਅਸੀਂ ਤੁਹਾਨੂੰ ਵੀ ਇਹ ਹੀ ਰਾਹ ਤੁਰਨਾ ਅਸਲ ਤਾਕਤ ਹੈ।

ਸੰਤ ਕਰ ਹਿੰਮਤ ਮੈਂ ਕਬਰ ਸੁਚਿਤ ਰੂ ਗਾਓ॥

ਕਿੰਨੇ ਭਖਦ ਵਾਲੀ ਗੱਲ ਹੈ ਕਿ ਸਾਨੂੰ ਮਨੁੱਖਾ ਜਨਮ ਨਸੀਬ ਹੋਇਆ ਅਤੇ ਉਹ ਵੀ ਗੁਰੂ ਘਰ ਦੀ ਧਰਤੀ ਉੱਤੇ ਅਤੇ ਸਰਬੰਸ ਦਾਨੀ ਦੇ ਮਾਰਗ ਵਿੱਚ ਕਿਤੇ ਵਫਾਵਾਂ ਹੀ ਕਿ ਸਾਡੀ ਮਾਂ ਬੋਲੀ ਗੁਰਮੁਖੀ ਹੈ ਜਿਸ ਰਾਹੀਂ ਗੁਰੂਆਂ ਦੇ

ਬਾਕੀ ਅਗਲੇ ਸਫੇ ’ਤੇ
30
29
28
27
26
25
24
23
22
21
20
19
18
17
16
15
14
13
12
11
10
9
8
7
6
5
4
3
2
1
